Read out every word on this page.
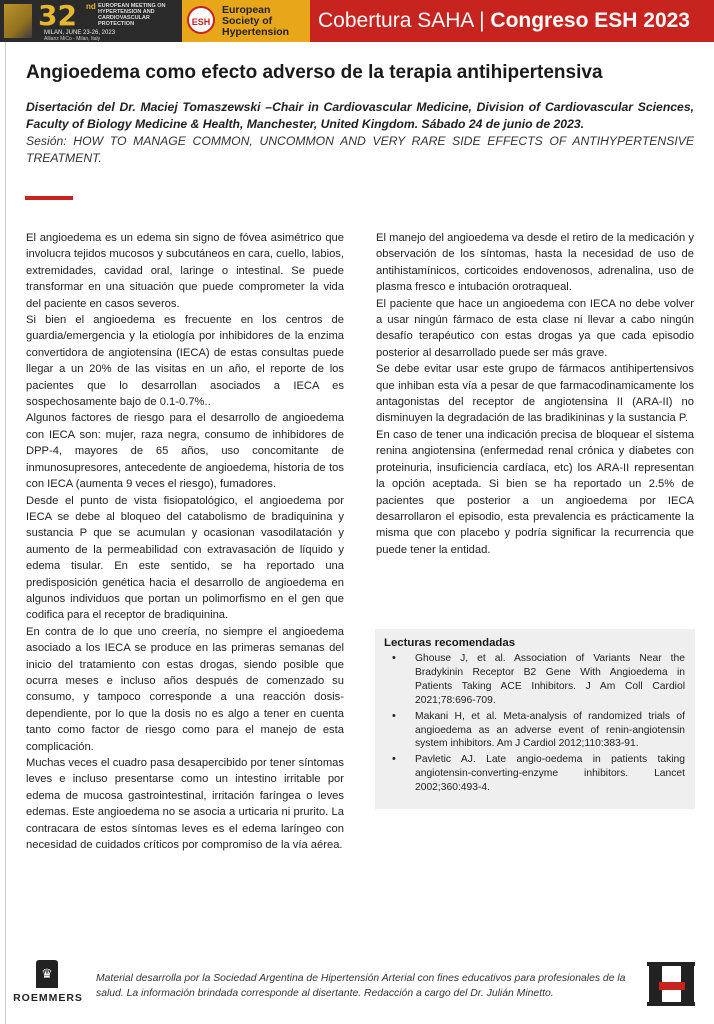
32 nd EUROPEAN MEETING ON HYPERTENSION AND CARDIOVASCULAR PROTECTION
MILAN, JUNE 23-26, 2023
Allianz MiCo - Milan, Italy
ESH
European Society of Hypertension	Cobertura SAHA | Congreso ESH 2023
Angioedema como efecto adverso de la terapia antihipertensiva
Disertación del Dr. Maciej Tomaszewski –Chair in Cardiovascular Medicine, Division of Cardiovascular Sciences, Faculty of Biology Medicine & Health, Manchester, United Kingdom. Sábado 24 de junio de 2023.
Sesión: HOW TO MANAGE COMMON, UNCOMMON AND VERY RARE SIDE EFFECTS OF ANTIHYPERTENSIVE TREATMENT.

El angioedema es un edema sin signo de fóvea asimétrico que involucra tejidos mucosos y subcutáneos en cara, cuello, labios, extremidades, cavidad oral, laringe o intestinal. Se puede transformar en una situación que puede comprometer la vida del paciente en casos severos.

Si bien el angioedema es frecuente en los centros de guardia/emergencia y la etiología por inhibidores de la enzima convertidora de angiotensina (IECA) de estas consultas puede llegar a un 20% de las visitas en un año, el reporte de los pacientes que lo desarrollan asociados a IECA es sospechosamente bajo de 0.1-0.7%..

Algunos factores de riesgo para el desarrollo de angioedema con IECA son: mujer, raza negra, consumo de inhibidores de DPP-4, mayores de 65 años, uso concomitante de inmunosupresores, antecedente de angioedema, historia de tos con IECA (aumenta 9 veces el riesgo), fumadores.

Desde el punto de vista fisiopatológico, el angioedema por IECA se debe al bloqueo del catabolismo de bradiquinina y sustancia P que se acumulan y ocasionan vasodilatación y aumento de la permeabilidad con extravasación de líquido y edema tisular. En este sentido, se ha reportado una predisposición genética hacia el desarrollo de angioedema en algunos individuos que portan un polimorfismo en el gen que codifica para el receptor de bradiquinina.

En contra de lo que uno creería, no siempre el angioedema asociado a los IECA se produce en las primeras semanas del inicio del tratamiento con estas drogas, siendo posible que ocurra meses e incluso años después de comenzado su consumo, y tampoco corresponde a una reacción dosis-dependiente, por lo que la dosis no es algo a tener en cuenta tanto como factor de riesgo como para el manejo de esta complicación.

Muchas veces el cuadro pasa desapercibido por tener síntomas leves e incluso presentarse como un intestino irritable por edema de mucosa gastrointestinal, irritación faríngea o leves edemas. Este angioedema no se asocia a urticaria ni prurito. La contracara de estos síntomas leves es el edema laríngeo con necesidad de cuidados críticos por compromiso de la vía aérea.

El manejo del angioedema va desde el retiro de la medicación y observación de los síntomas, hasta la necesidad de uso de antihistamínicos, corticoides endovenosos, adrenalina, uso de plasma fresco e intubación orotraqueal.

El paciente que hace un angioedema con IECA no debe volver a usar ningún fármaco de esta clase ni llevar a cabo ningún desafío terapéutico con estas drogas ya que cada episodio posterior al desarrollado puede ser más grave.

Se debe evitar usar este grupo de fármacos antihipertensivos que inhiban esta vía a pesar de que farmacodinamicamente los antagonistas del receptor de angiotensina II (ARA-II) no disminuyen la degradación de las bradikininas y la sustancia P.

En caso de tener una indicación precisa de bloquear el sistema renina angiotensina (enfermedad renal crónica y diabetes con proteinuria, insuficiencia cardíaca, etc) los ARA-II representan la opción aceptada. Si bien se ha reportado un 2.5% de pacientes que posterior a un angioedema por IECA desarrollaron el episodio, esta prevalencia es prácticamente la misma que con placebo y podría significar la recurrencia que puede tener la entidad.

Lecturas recomendadas
• Ghouse J, et al. Association of Variants Near the Bradykinin Receptor B2 Gene With Angioedema in Patients Taking ACE Inhibitors. J Am Coll Cardiol 2021;78:696-709.
• Makani H, et al. Meta-analysis of randomized trials of angioedema as an adverse event of renin-angiotensin system inhibitors. Am J Cardiol 2012;110:383-91.
• Pavletic AJ. Late angio-oedema in patients taking angiotensin-converting-enzyme inhibitors. Lancet 2002;360:493-4.
♛
ROEMMERS
Material desarrolla por la Sociedad Argentina de Hipertensión Arterial con fines educativos para profesionales de la salud. La información brindada corresponde al disertante. Redacción a cargo del Dr. Julián Minetto.
